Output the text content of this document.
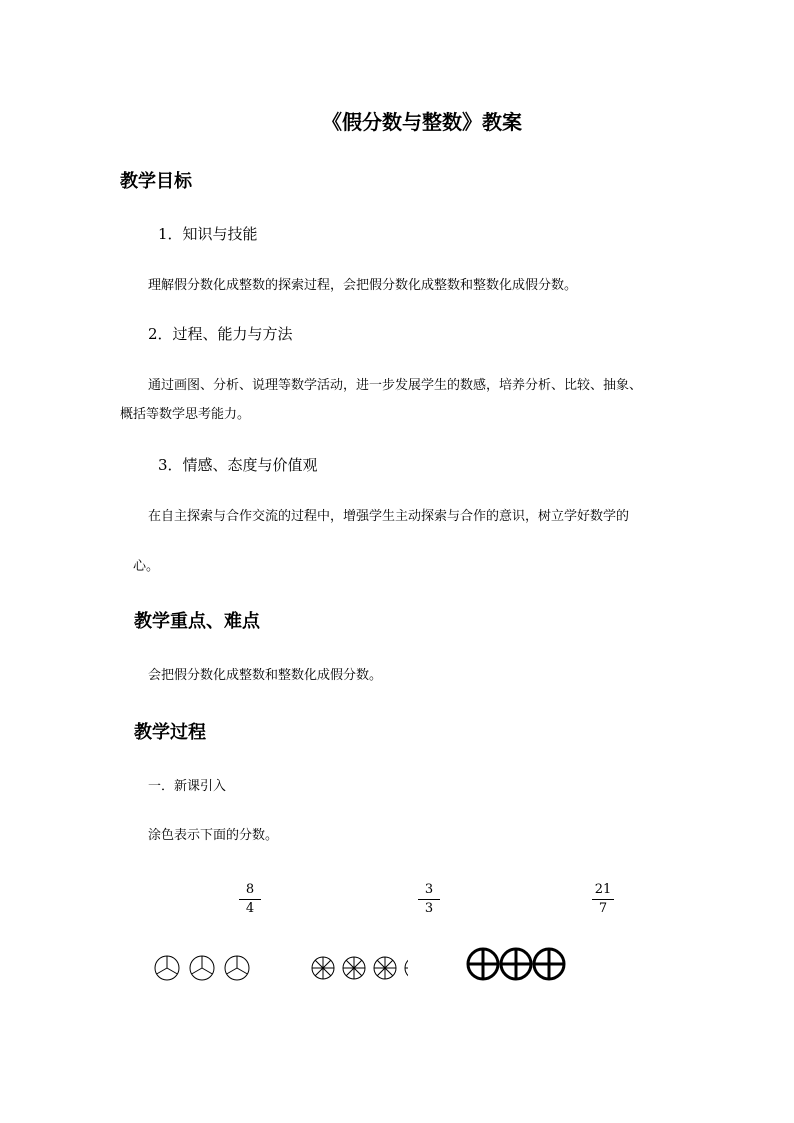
《假分数与整数》教案
教学目标
1．知识与技能
理解假分数化成整数的探索过程，会把假分数化成整数和整数化成假分数。
2．过程、能力与方法
通过画图、分析、说理等数学活动，进一步发展学生的数感，培养分析、比较、抽象、
概括等数学思考能力。
3．情感、态度与价值观
在自主探索与合作交流的过程中，增强学生主动探索与合作的意识，树立学好数学的
心。
教学重点、难点
会把假分数化成整数和整数化成假分数。
教学过程
一．新课引入
涂色表示下面的分数。
8
4
3
3
21
7
